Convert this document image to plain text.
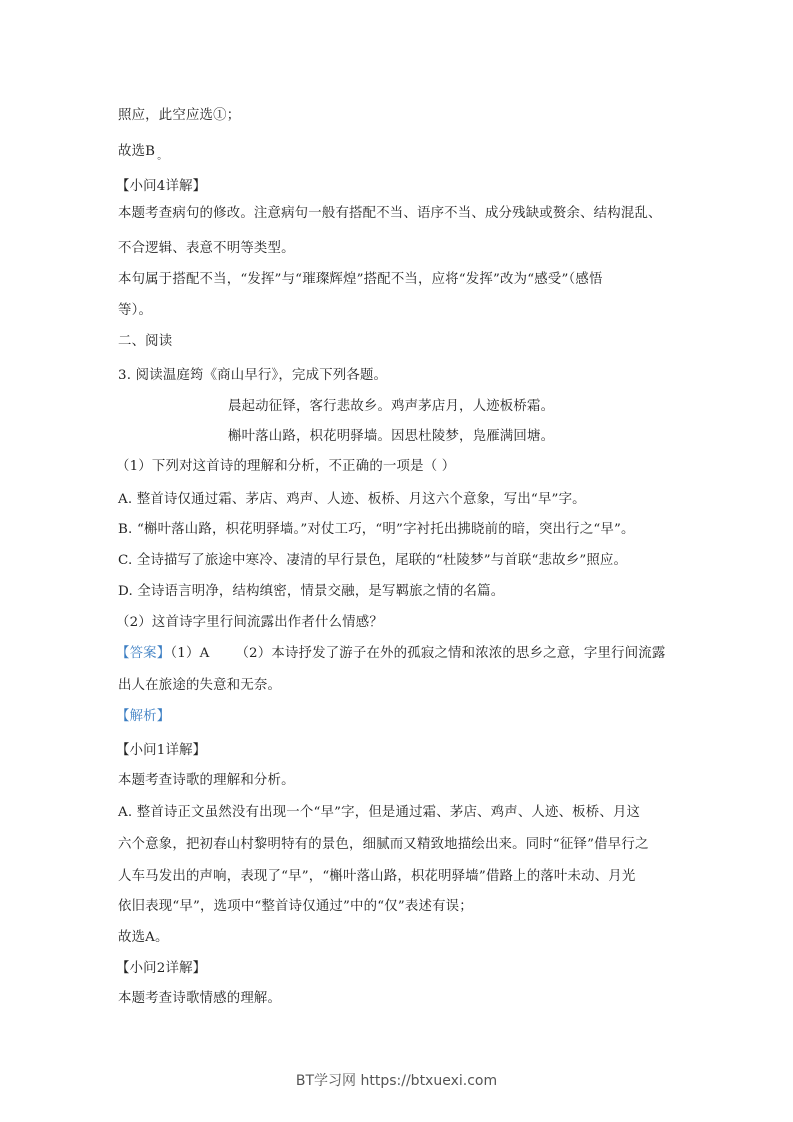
照应，此空应选①；
故选B $_。$
【小问4详解】
本题考查病句的修改。注意病句一般有搭配不当、语序不当、成分残缺或赘余、结构混乱、
不合逻辑、表意不明等类型。
本句属于搭配不当，“发挥”与“璀璨辉煌”搭配不当，应将“发挥”改为“感受”（感悟
等）。
二、阅读
3. 阅读温庭筠《商山早行》，完成下列各题。
晨起动征铎，客行悲故乡。鸡声茅店月，人迹板桥霜。
槲叶落山路，枳花明驿墙。因思杜陵梦，凫雁满回塘。
（1）下列对这首诗的理解和分析，不正确的一项是（ ）
A. 整首诗仅通过霜、茅店、鸡声、人迹、板桥、月这六个意象，写出“早”字。
B. “槲叶落山路，枳花明驿墙。”对仗工巧，“明”字衬托出拂晓前的暗，突出行之“早”。
C. 全诗描写了旅途中寒冷、凄清的早行景色，尾联的“杜陵梦”与首联“悲故乡”照应。
D. 全诗语言明净，结构缜密，情景交融，是写羁旅之情的名篇。
（2）这首诗字里行间流露出作者什么情感？
【答案】（1）A （2）本诗抒发了游子在外的孤寂之情和浓浓的思乡之意，字里行间流露
出人在旅途的失意和无奈。
【解析】
【小问1详解】
本题考查诗歌的理解和分析。
A. 整首诗正文虽然没有出现一个“早”字，但是通过霜、茅店、鸡声、人迹、板桥、月这
六个意象，把初春山村黎明特有的景色，细腻而又精致地描绘出来。同时“征铎”借早行之
人车马发出的声响，表现了“早”，“槲叶落山路，枳花明驿墙”借路上的落叶未动、月光
依旧表现“早”，选项中“整首诗仅通过”中的“仅”表述有误；
故选A。
【小问2详解】
本题考查诗歌情感的理解。
BT学习网 https://btxuexi.com
